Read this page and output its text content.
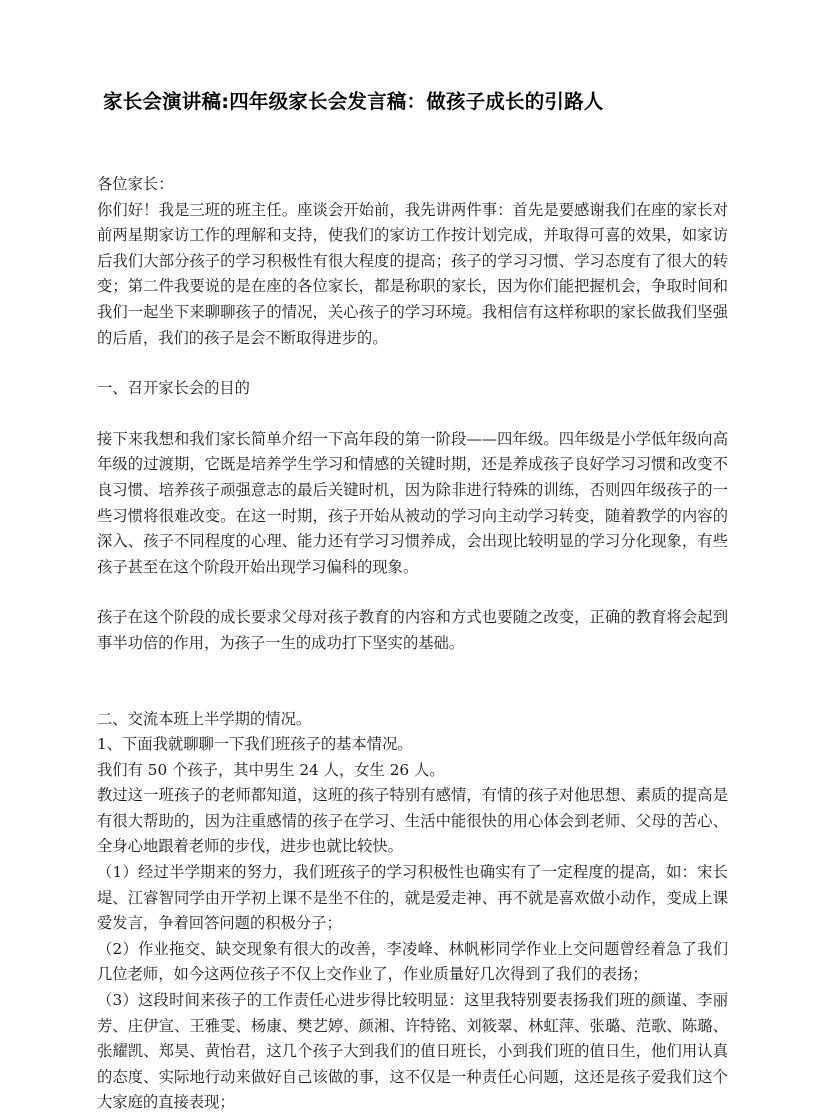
家长会演讲稿:四年级家长会发言稿：做孩子成长的引路人

各位家长：

你们好！我是三班的班主任。座谈会开始前，我先讲两件事：首先是要感谢我们在座的家长对前两星期家访工作的理解和支持，使我们的家访工作按计划完成，并取得可喜的效果，如家访后我们大部分孩子的学习积极性有很大程度的提高；孩子的学习习惯、学习态度有了很大的转变；第二件我要说的是在座的各位家长，都是称职的家长，因为你们能把握机会，争取时间和我们一起坐下来聊聊孩子的情况，关心孩子的学习环境。我相信有这样称职的家长做我们坚强的后盾，我们的孩子是会不断取得进步的。

一、召开家长会的目的

接下来我想和我们家长简单介绍一下高年段的第一阶段——四年级。四年级是小学低年级向高年级的过渡期，它既是培养学生学习和情感的关键时期，还是养成孩子良好学习习惯和改变不良习惯、培养孩子顽强意志的最后关键时机，因为除非进行特殊的训练，否则四年级孩子的一些习惯将很难改变。在这一时期，孩子开始从被动的学习向主动学习转变，随着教学的内容的深入、孩子不同程度的心理、能力还有学习习惯养成，会出现比较明显的学习分化现象，有些孩子甚至在这个阶段开始出现学习偏科的现象。

孩子在这个阶段的成长要求父母对孩子教育的内容和方式也要随之改变，正确的教育将会起到事半功倍的作用，为孩子一生的成功打下坚实的基础。

二、交流本班上半学期的情况。

1、下面我就聊聊一下我们班孩子的基本情况。

我们有 50 个孩子，其中男生 24 人，女生 26 人。

教过这一班孩子的老师都知道，这班的孩子特别有感情，有情的孩子对他思想、素质的提高是有很大帮助的，因为注重感情的孩子在学习、生活中能很快的用心体会到老师、父母的苦心、全身心地跟着老师的步伐，进步也就比较快。

（1）经过半学期来的努力，我们班孩子的学习积极性也确实有了一定程度的提高，如：宋长堤、江睿智同学由开学初上课不是坐不住的，就是爱走神、再不就是喜欢做小动作，变成上课爱发言，争着回答问题的积极分子；

（2）作业拖交、缺交现象有很大的改善，李凌峰、林帆彬同学作业上交问题曾经着急了我们几位老师，如今这两位孩子不仅上交作业了，作业质量好几次得到了我们的表扬；

（3）这段时间来孩子的工作责任心进步得比较明显：这里我特别要表扬我们班的颜谨、李丽芳、庄伊宣、王雅雯、杨康、樊艺婷、颜湘、许特铭、刘筱翠、林虹萍、张璐、范歌、陈璐、张耀凯、郑昊、黄怡君，这几个孩子大到我们的值日班长，小到我们班的值日生，他们用认真的态度、实际地行动来做好自己该做的事，这不仅是一种责任心问题，这还是孩子爱我们这个大家庭的直接表现；
